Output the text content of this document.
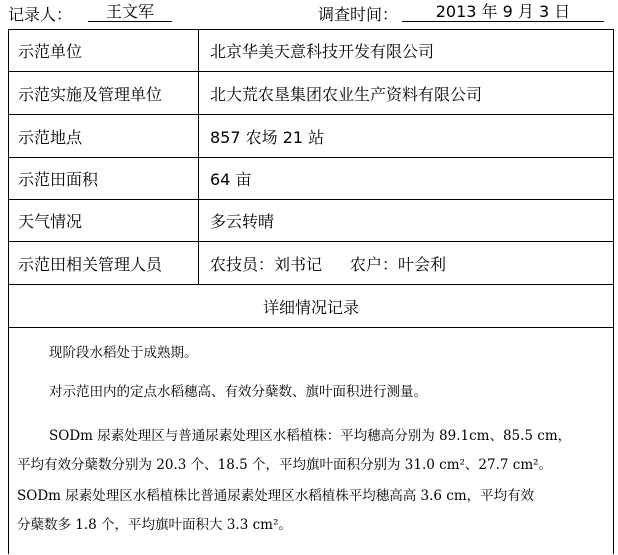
记录人：	王文军	调查时间：	2013 年 9 月 3 日
示范单位	北京华美天意科技开发有限公司
示范实施及管理单位	北大荒农垦集团农业生产资料有限公司
示范地点	857 农场 21 站
示范田面积	64 亩
天气情况	多云转晴
示范田相关管理人员	农技员：刘书记 农户：叶会利
详细情况记录

现阶段水稻处于成熟期。

对示范田内的定点水稻穗高、有效分蘖数、旗叶面积进行测量。

SODm 尿素处理区与普通尿素处理区水稻植株：平均穗高分别为 89.1cm、85.5 cm，

平均有效分蘖数分别为 20.3 个、18.5 个，平均旗叶面积分别为 31.0 cm²、27.7 cm²。

SODm 尿素处理区水稻植株比普通尿素处理区水稻植株平均穗高高 3.6 cm，平均有效

分蘖数多 1.8 个，平均旗叶面积大 3.3 cm²。
